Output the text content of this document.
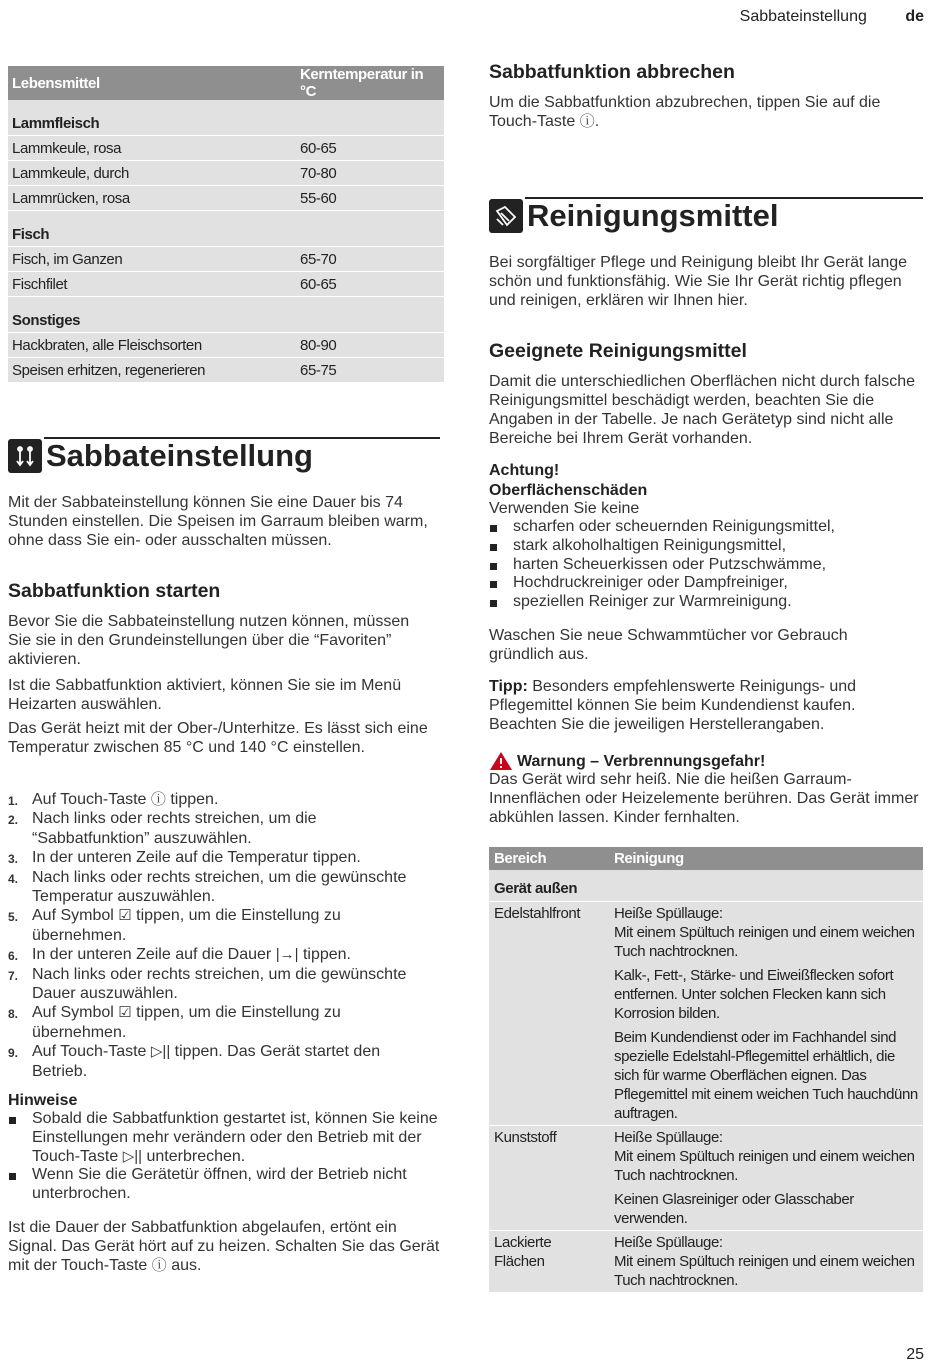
Sabbateinstellung de
Lebensmittel	Kerntemperatur in °C
Lammfleisch	
Lammkeule, rosa	60-65
Lammkeule, durch	70-80
Lammrücken, rosa	55-60
Fisch	
Fisch, im Ganzen	65-70
Fischfilet	60-65
Sonstiges	
Hackbraten, alle Fleischsorten	80-90
Speisen erhitzen, regenerieren	65-75
Sabbateinstellung

Mit der Sabbateinstellung können Sie eine Dauer bis 74 Stunden einstellen. Die Speisen im Garraum bleiben warm, ohne dass Sie ein- oder ausschalten müssen.

Sabbatfunktion starten

Bevor Sie die Sabbateinstellung nutzen können, müssen Sie sie in den Grundeinstellungen über die “Favoriten” aktivieren.

Ist die Sabbatfunktion aktiviert, können Sie sie im Menü Heizarten auswählen.

Das Gerät heizt mit der Ober-/Unterhitze. Es lässt sich eine Temperatur zwischen 85 °C und 140 °C einstellen.

1. Auf Touch-Taste ⓘ tippen.
2. Nach links oder rechts streichen, um die “Sabbatfunktion” auszuwählen.
3. In der unteren Zeile auf die Temperatur tippen.
4. Nach links oder rechts streichen, um die gewünschte Temperatur auszuwählen.
5. Auf Symbol ☑ tippen, um die Einstellung zu übernehmen.
6. In der unteren Zeile auf die Dauer |→| tippen.
7. Nach links oder rechts streichen, um die gewünschte Dauer auszuwählen.
8. Auf Symbol ☑ tippen, um die Einstellung zu übernehmen.
9. Auf Touch-Taste ▷|| tippen. Das Gerät startet den Betrieb.
Hinweise
Sobald die Sabbatfunktion gestartet ist, können Sie keine Einstellungen mehr verändern oder den Betrieb mit der Touch-Taste ▷|| unterbrechen.
Wenn Sie die Gerätetür öffnen, wird der Betrieb nicht unterbrochen.

Ist die Dauer der Sabbatfunktion abgelaufen, ertönt ein Signal. Das Gerät hört auf zu heizen. Schalten Sie das Gerät mit der Touch-Taste ⓘ aus.

Sabbatfunktion abbrechen

Um die Sabbatfunktion abzubrechen, tippen Sie auf die Touch-Taste ⓘ.

Reinigungsmittel

Bei sorgfältiger Pflege und Reinigung bleibt Ihr Gerät lange schön und funktionsfähig. Wie Sie Ihr Gerät richtig pflegen und reinigen, erklären wir Ihnen hier.

Geeignete Reinigungsmittel

Damit die unterschiedlichen Oberflächen nicht durch falsche Reinigungsmittel beschädigt werden, beachten Sie die Angaben in der Tabelle. Je nach Gerätetyp sind nicht alle Bereiche bei Ihrem Gerät vorhanden.

Achtung!
Oberflächenschäden
Verwenden Sie keine
scharfen oder scheuernden Reinigungsmittel,
stark alkoholhaltigen Reinigungsmittel,
harten Scheuerkissen oder Putzschwämme,
Hochdruckreiniger oder Dampfreiniger,
speziellen Reiniger zur Warmreinigung.

Waschen Sie neue Schwammtücher vor Gebrauch gründlich aus.

Tipp: Besonders empfehlenswerte Reinigungs- und Pflegemittel können Sie beim Kundendienst kaufen. Beachten Sie die jeweiligen Herstellerangaben.

Warnung – Verbrennungsgefahr!

Das Gerät wird sehr heiß. Nie die heißen Garraum-Innenflächen oder Heizelemente berühren. Das Gerät immer abkühlen lassen. Kinder fernhalten.

Bereich	Reinigung
Gerät außen	
Edelstahlfront	Heiße Spüllauge:
Mit einem Spültuch reinigen und einem weichen Tuch nachtrocknen.
Kalk-, Fett-, Stärke- und Eiweißflecken sofort entfernen. Unter solchen Flecken kann sich Korrosion bilden.
Beim Kundendienst oder im Fachhandel sind spezielle Edelstahl-Pflegemittel erhältlich, die sich für warme Oberflächen eignen. Das Pflegemittel mit einem weichen Tuch hauchdünn auftragen.

Kunststoff	Heiße Spüllauge:
Mit einem Spültuch reinigen und einem weichen Tuch nachtrocknen.
Keinen Glasreiniger oder Glasschaber verwenden.

Lackierte Flächen	Heiße Spüllauge:
Mit einem Spültuch reinigen und einem weichen Tuch nachtrocknen.
25
